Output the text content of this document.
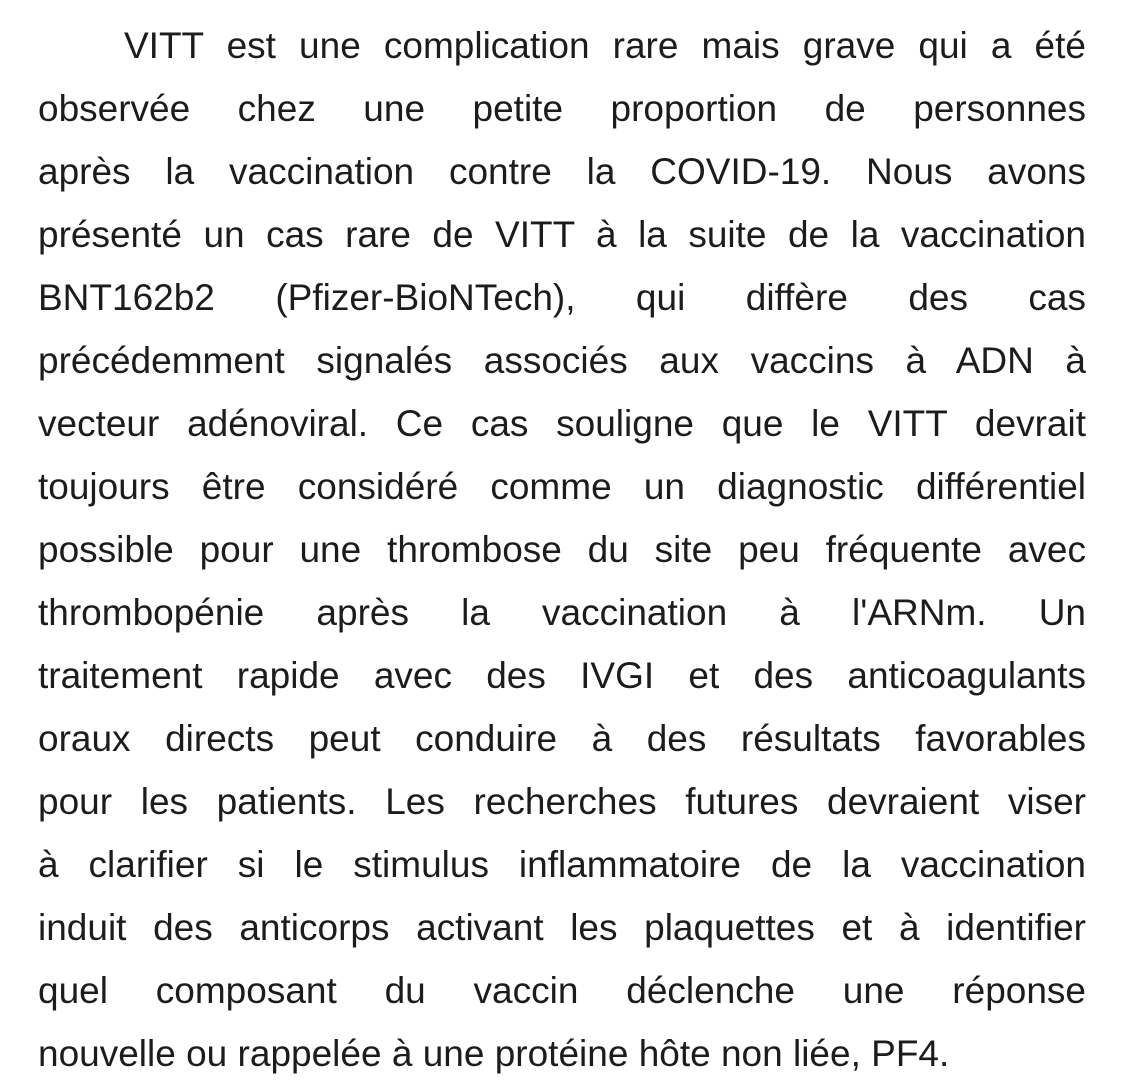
VITT est une complication rare mais grave qui a été
observée chez une petite proportion de personnes
après la vaccination contre la COVID-19. Nous avons
présenté un cas rare de VITT à la suite de la vaccination
BNT162b2 (Pfizer-BioNTech), qui diffère des cas
précédemment signalés associés aux vaccins à ADN à
vecteur adénoviral. Ce cas souligne que le VITT devrait
toujours être considéré comme un diagnostic différentiel
possible pour une thrombose du site peu fréquente avec
thrombopénie après la vaccination à l'ARNm. Un
traitement rapide avec des IVGI et des anticoagulants
oraux directs peut conduire à des résultats favorables
pour les patients. Les recherches futures devraient viser
à clarifier si le stimulus inflammatoire de la vaccination
induit des anticorps activant les plaquettes et à identifier
quel composant du vaccin déclenche une réponse
nouvelle ou rappelée à une protéine hôte non liée, PF4.
